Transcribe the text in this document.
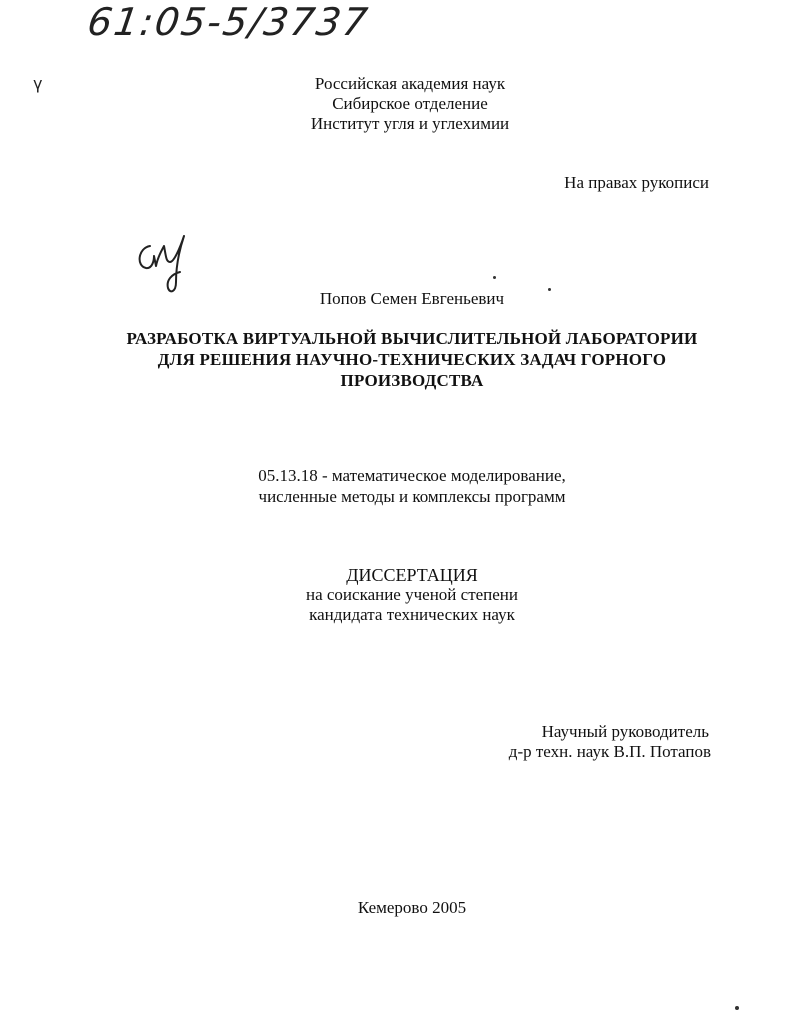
61:05-5/3737
ү	Российская академия наук

Сибирское отделение

Институт угля и углехимии

На правах рукописи

Попов Семен Евгеньевич

РАЗРАБОТКА ВИРТУАЛЬНОЙ ВЫЧИСЛИТЕЛЬНОЙ ЛАБОРАТОРИИ
ДЛЯ РЕШЕНИЯ НАУЧНО-ТЕХНИЧЕСКИХ ЗАДАЧ ГОРНОГО
ПРОИЗВОДСТВА

05.13.18 - математическое моделирование,

численные методы и комплексы программ

ДИССЕРТАЦИЯ

на соискание ученой степени

кандидата технических наук

Научный руководитель

д-р техн. наук В.П. Потапов

Кемерово 2005
